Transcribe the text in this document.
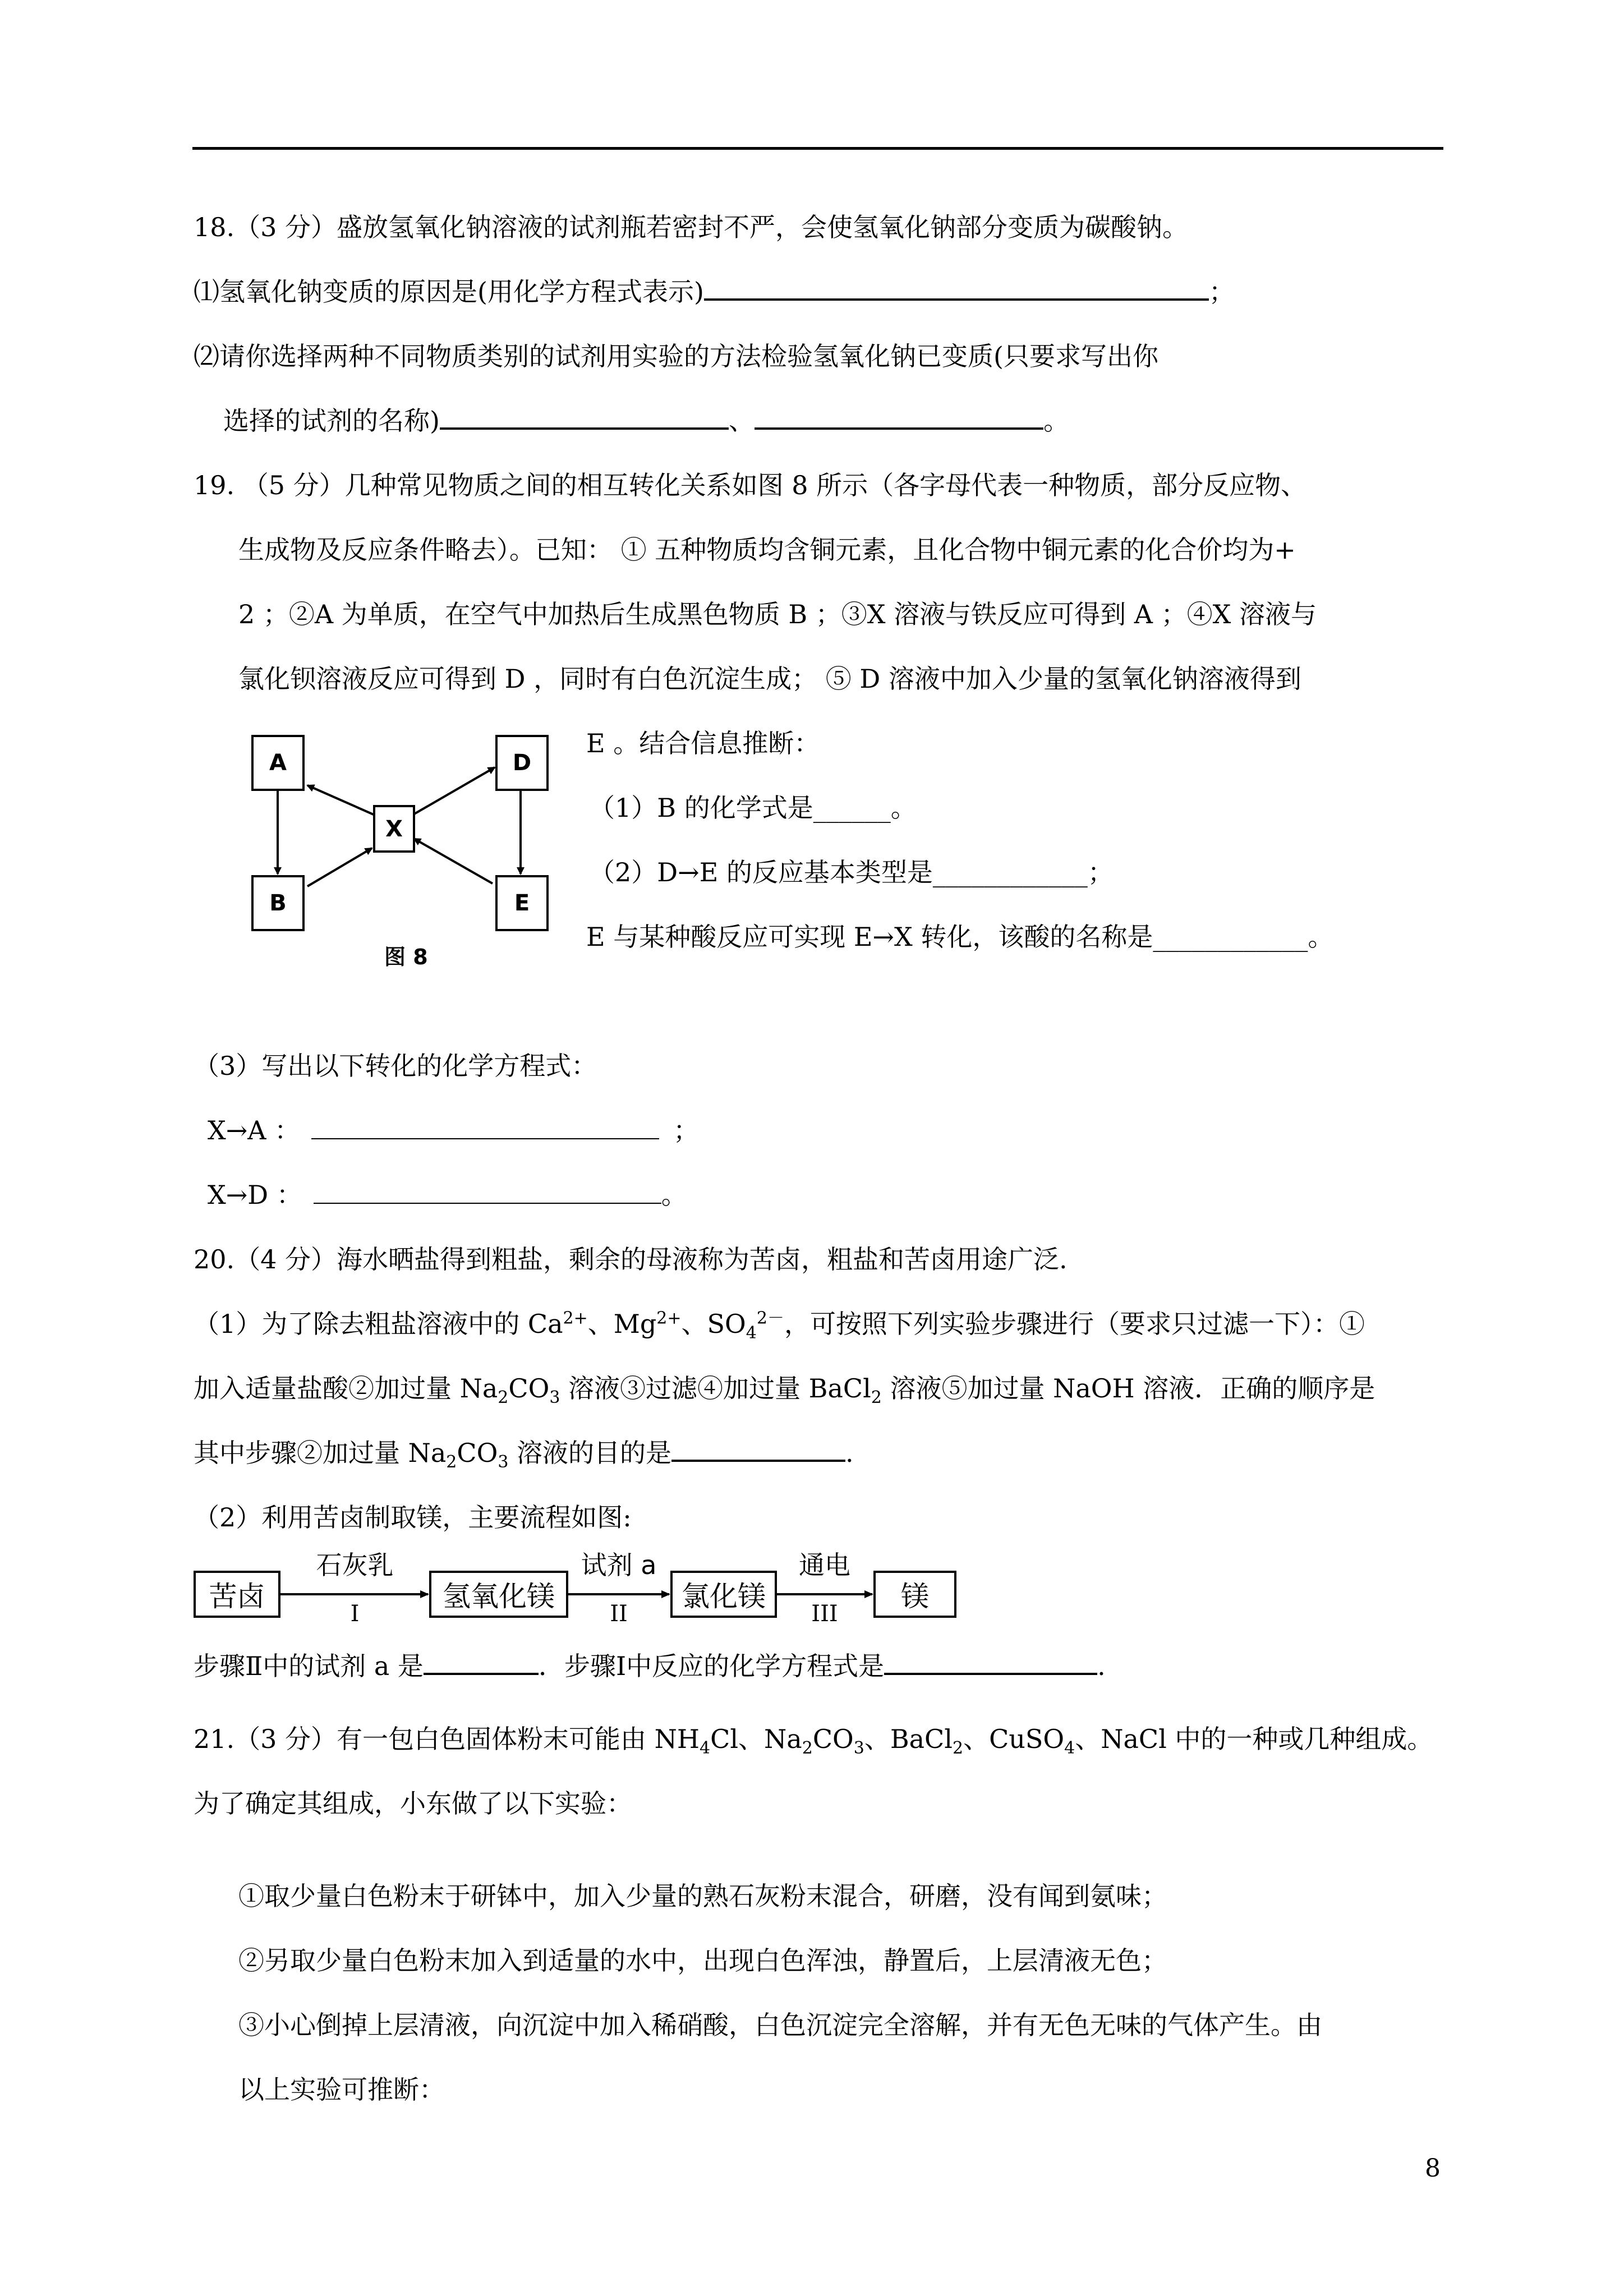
18.（3 分）盛放氢氧化钠溶液的试剂瓶若密封不严，会使氢氧化钠部分变质为碳酸钠。
⑴氢氧化钠变质的原因是(用化学方程式表示)	；
⑵请你选择两种不同物质类别的试剂用实验的方法检验氢氧化钠已变质(只要求写出你
选择的试剂的名称)	、	。
19. （5 分）几种常见物质之间的相互转化关系如图 8 所示（各字母代表一种物质，部分反应物、
生成物及反应条件略去）。已知： ① 五种物质均含铜元素，且化合物中铜元素的化合价均为+
2 ；②A 为单质，在空气中加热后生成黑色物质 B ；③X 溶液与铁反应可得到 A ；④X 溶液与
氯化钡溶液反应可得到 D ，同时有白色沉淀生成； ⑤ D 溶液中加入少量的氢氧化钠溶液得到
E 。结合信息推断：
（1）B 的化学式是______。
（2）D→E 的反应基本类型是____________；
E 与某种酸反应可实现 E→X 转化，该酸的名称是____________。
A
B
X
D
E
图 8
（3）写出以下转化的化学方程式：
X→A ：	；
X→D ：	。
20.（4 分）海水晒盐得到粗盐，剩余的母液称为苦卤，粗盐和苦卤用途广泛.
（1）为了除去粗盐溶液中的 $Ca^{2+}$、$Mg^{2+}$、$SO_4^{2-}$，可按照下列实验步骤进行（要求只过滤一下）：①
加入适量盐酸②加过量 $Na_2CO_3$ 溶液③过滤④加过量 BaCl$_2$ 溶液⑤加过量 NaOH 溶液．正确的顺序是
其中步骤②加过量 $Na_2CO_3$ 溶液的目的是	.
（2）利用苦卤制取镁，主要流程如图:
苦卤	氢氧化镁	氯化镁	镁
石灰乳	试剂 a	通电
I	II	III
步骤Ⅱ中的试剂 a 是	．步骤Ⅰ中反应的化学方程式是	.
21.（3 分）有一包白色固体粉末可能由 $NH_4Cl$、$Na_2CO_3$、BaCl$_2$、CuSO$_4$、NaCl 中的一种或几种组成。
为了确定其组成，小东做了以下实验：
①取少量白色粉末于研钵中，加入少量的熟石灰粉末混合，研磨，没有闻到氨味；
②另取少量白色粉末加入到适量的水中，出现白色浑浊，静置后，上层清液无色；
③小心倒掉上层清液，向沉淀中加入稀硝酸，白色沉淀完全溶解，并有无色无味的气体产生。由
以上实验可推断：
8
